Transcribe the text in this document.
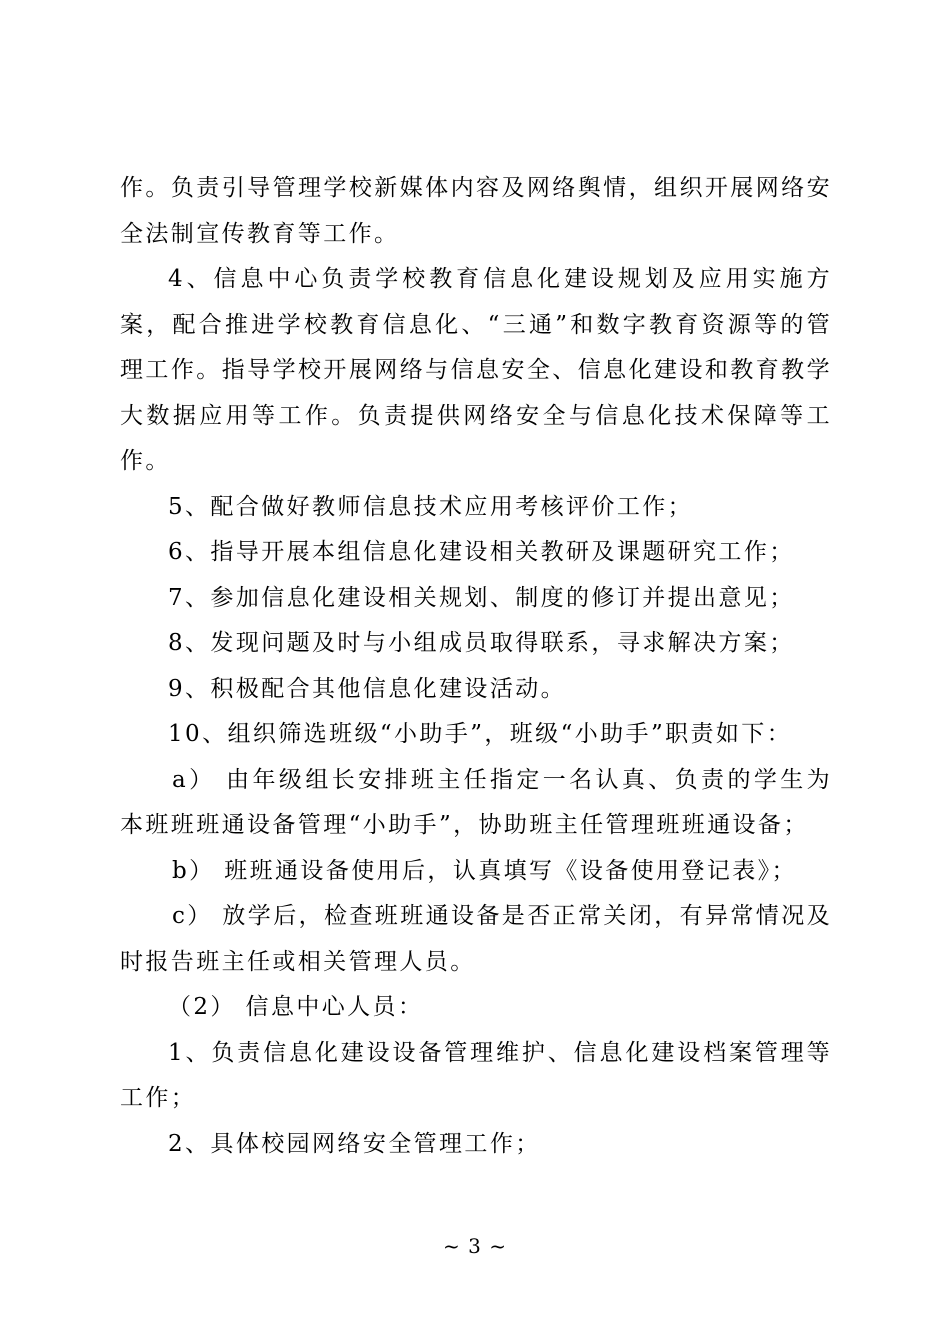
作。负责引导管理学校新媒体内容及网络舆情，组织开展网络安全法制宣传教育等工作。

4、信息中心负责学校教育信息化建设规划及应用实施方案，配合推进学校教育信息化、“三通”和数字教育资源等的管理工作。指导学校开展网络与信息安全、信息化建设和教育教学大数据应用等工作。负责提供网络安全与信息化技术保障等工作。

5、配合做好教师信息技术应用考核评价工作；

6、指导开展本组信息化建设相关教研及课题研究工作；

7、参加信息化建设相关规划、制度的修订并提出意见；

8、发现问题及时与小组成员取得联系，寻求解决方案；

9、积极配合其他信息化建设活动。

10、组织筛选班级“小助手”，班级“小助手”职责如下：

a） 由年级组长安排班主任指定一名认真、负责的学生为本班班班通设备管理“小助手”，协助班主任管理班班通设备；

b） 班班通设备使用后，认真填写《设备使用登记表》；

c） 放学后，检查班班通设备是否正常关闭，有异常情况及时报告班主任或相关管理人员。

（2） 信息中心人员：

1、负责信息化建设设备管理维护、信息化建设档案管理等工作；

2、具体校园网络安全管理工作；

~ 3 ~
